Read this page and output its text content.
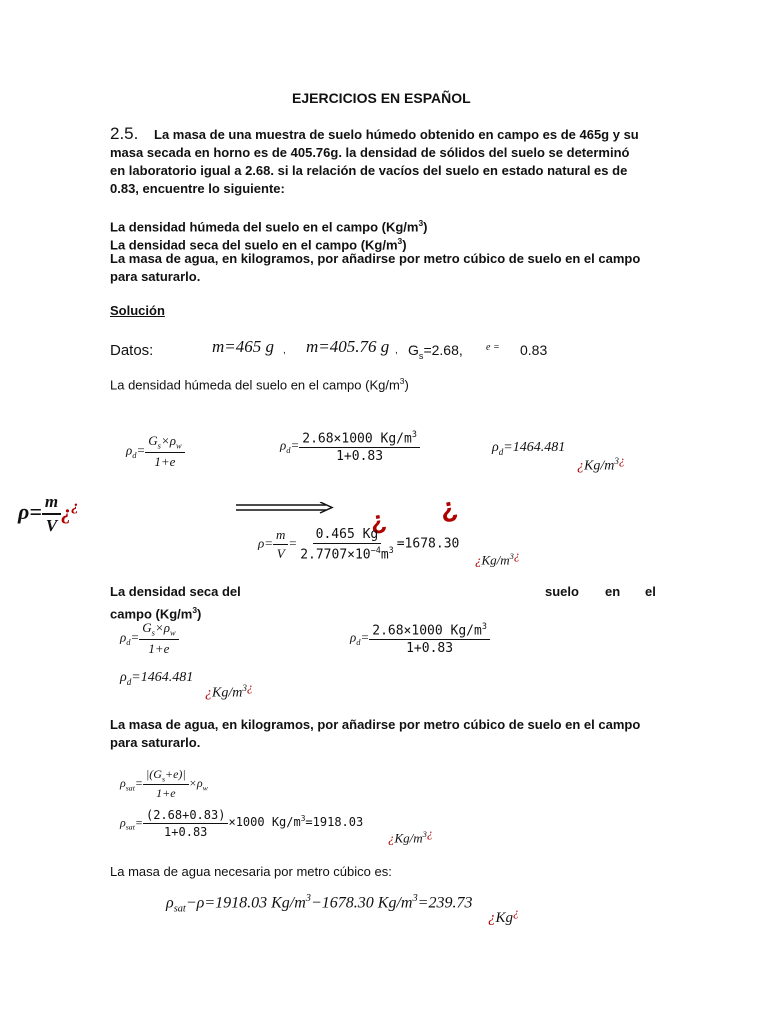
EJERCICIOS EN ESPAÑOL
2.5. La masa de una muestra de suelo húmedo obtenido en campo es de 465g y su
masa secada en horno es de 405.76g. la densidad de sólidos del suelo se determinó
en laboratorio igual a 2.68. si la relación de vacíos del suelo en estado natural es de
0.83, encuentre lo siguiente:
La densidad húmeda del suelo en el campo $(Kg/m^3)$
La densidad seca del suelo en el campo $(Kg/m^3)$
La masa de agua, en kilogramos, por añadirse por metro cúbico de suelo en el campo
para saturarlo.
Solución
Datos:	m=465 g , m=405.76 g , $G_s=2.68$, e = 0.83
La densidad húmeda del suelo en el campo $(Kg/m^3)$
$\rho_d= \frac{G_s\times\rho_w}{1+e}$	$\rho_d= \frac{2.68\times 1000 Kg/m^3}{1+0.83}$	$\rho_d=1464.481$
¿$Kg/m^3¿$
$\rho= \frac{m}{V}$ ¿¿	¿ ¿
$\rho= \frac{m}{V} = \frac{0.465 Kg}{2.7707\times 10^{-4}m^3} =1678.30$
¿$Kg/m^3¿$
La densidad seca del	suelo en el
campo $(Kg/m^3)$
$\rho_d= \frac{G_s\times\rho_w}{1+e}$	$\rho_d= \frac{2.68\times 1000 Kg/m^3}{1+0.83}$
$\rho_d=1464.481$
¿$Kg/m^3¿$
La masa de agua, en kilogramos, por añadirse por metro cúbico de suelo en el campo
para saturarlo.
$\rho_{sat}= \frac{|(G_s+e)|}{1+e} \times\rho_w$
$\rho_{sat}= \frac{(2.68+0.83)}{1+0.83} \times 1000$ $Kg/m^3=1918.03$
¿$Kg/m^3¿$
La masa de agua necesaria por metro cúbico es:
$\rho_{sat}-\rho=1918.03$ $Kg/m^3-1678.30$ $Kg/m^3=239.73$
¿Kg¿
